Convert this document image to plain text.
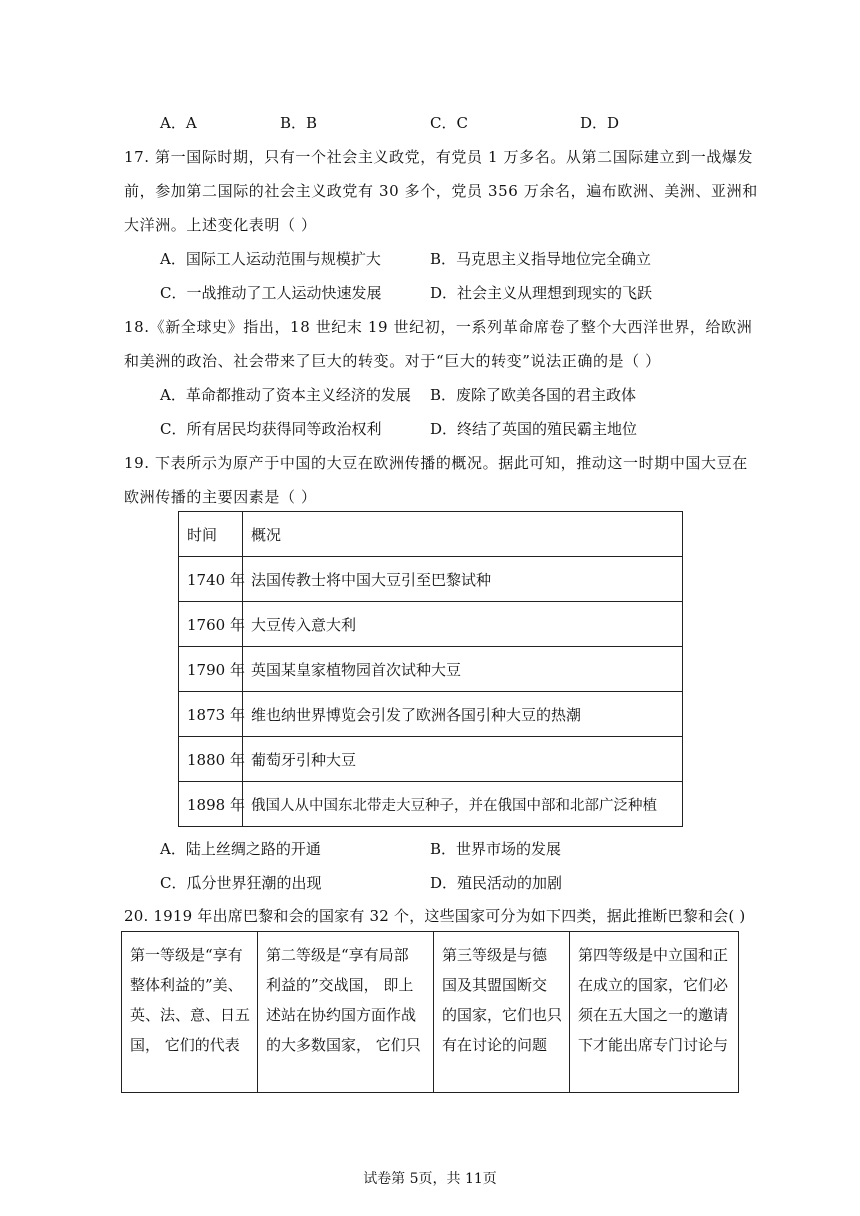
A．A	B．B	C．C	D．D
17. 第一国际时期，只有一个社会主义政党，有党员 1 万多名。从第二国际建立到一战爆发
前，参加第二国际的社会主义政党有 30 多个，党员 356 万余名，遍布欧洲、美洲、亚洲和
大洋洲。上述变化表明（ ）
A．国际工人运动范围与规模扩大	B．马克思主义指导地位完全确立
C．一战推动了工人运动快速发展	D．社会主义从理想到现实的飞跃
18.《新全球史》指出，18 世纪末 19 世纪初，一系列革命席卷了整个大西洋世界，给欧洲
和美洲的政治、社会带来了巨大的转变。对于“巨大的转变”说法正确的是（ ）
A．革命都推动了资本主义经济的发展 B．废除了欧美各国的君主政体
C．所有居民均获得同等政治权利	D．终结了英国的殖民霸主地位
19. 下表所示为原产于中国的大豆在欧洲传播的概况。据此可知，推动这一时期中国大豆在
欧洲传播的主要因素是（ ）
时间	概况
1740 年	法国传教士将中国大豆引至巴黎试种
1760 年	大豆传入意大利
1790 年	英国某皇家植物园首次试种大豆
1873 年	维也纳世界博览会引发了欧洲各国引种大豆的热潮
1880 年	葡萄牙引种大豆
1898 年	俄国人从中国东北带走大豆种子，并在俄国中部和北部广泛种植
A．陆上丝绸之路的开通	B．世界市场的发展
C．瓜分世界狂潮的出现	D．殖民活动的加剧
20. 1919 年出席巴黎和会的国家有 32 个，这些国家可分为如下四类，据此推断巴黎和会( )
第一等级是“享有
整体利益的”美、
英、法、意、日五
国， 它们的代表

第二等级是“享有局部
利益的”交战国， 即上
述站在协约国方面作战
的大多数国家， 它们只

第三等级是与德
国及其盟国断交
的国家，它们也只
有在讨论的问题

第四等级是中立国和正
在成立的国家，它们必
须在五大国之一的邀请
下才能出席专门讨论与
试卷第 5页，共 11页
